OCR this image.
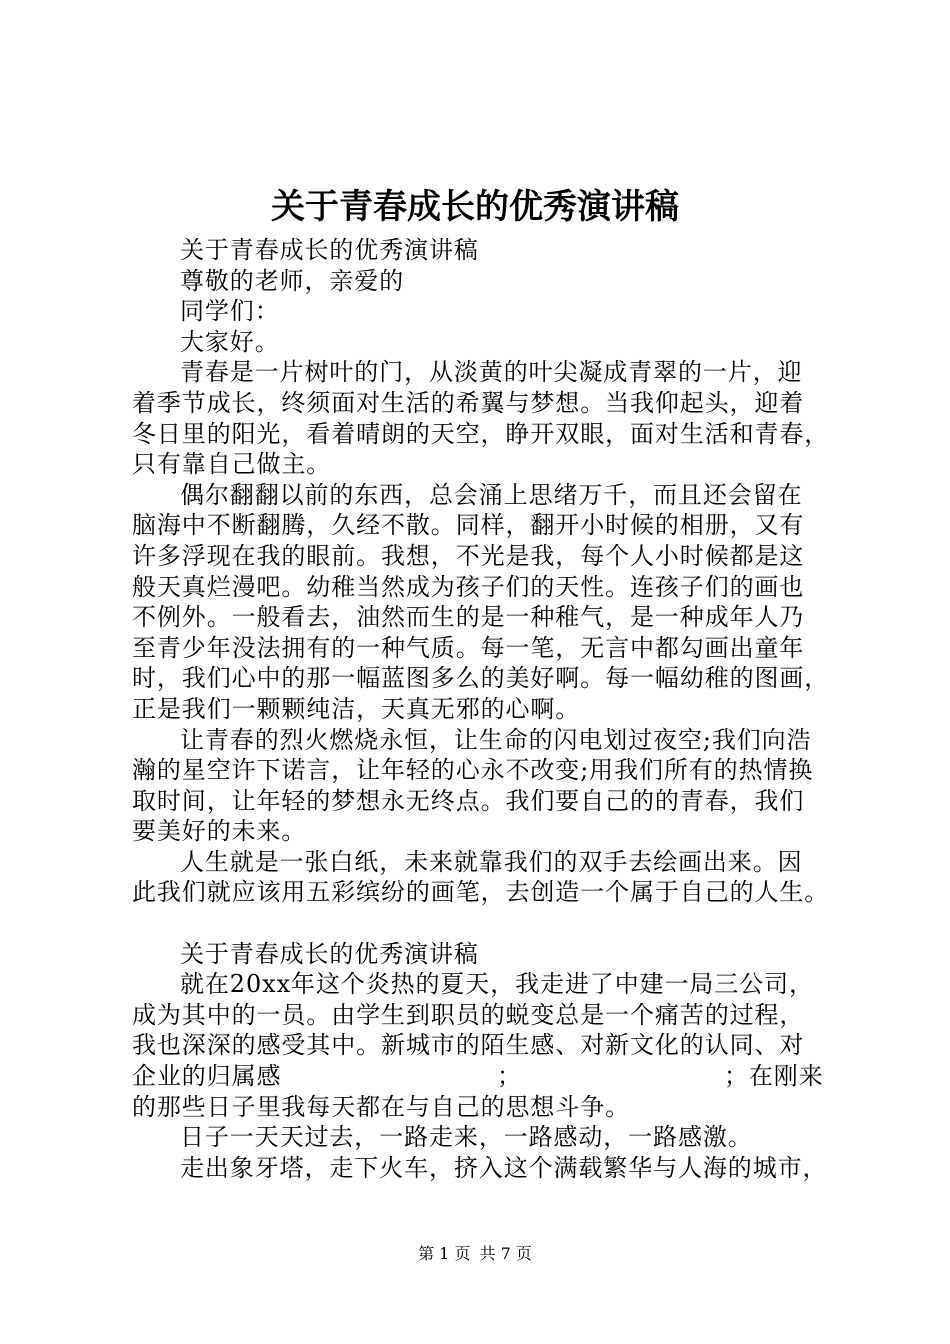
关于青春成长的优秀演讲稿
关于青春成长的优秀演讲稿
尊敬的老师，亲爱的
同学们：
大家好。
青春是一片树叶的门，从淡黄的叶尖凝成青翠的一片，迎
着季节成长，终须面对生活的希翼与梦想。当我仰起头，迎着
冬日里的阳光，看着晴朗的天空，睁开双眼，面对生活和青春，
只有靠自己做主。
偶尔翻翻以前的东西，总会涌上思绪万千，而且还会留在
脑海中不断翻腾，久经不散。同样，翻开小时候的相册，又有
许多浮现在我的眼前。我想，不光是我，每个人小时候都是这
般天真烂漫吧。幼稚当然成为孩子们的天性。连孩子们的画也
不例外。一般看去，油然而生的是一种稚气，是一种成年人乃
至青少年没法拥有的一种气质。每一笔，无言中都勾画出童年
时，我们心中的那一幅蓝图多么的美好啊。每一幅幼稚的图画，
正是我们一颗颗纯洁，天真无邪的心啊。
让青春的烈火燃烧永恒，让生命的闪电划过夜空;我们向浩
瀚的星空许下诺言，让年轻的心永不改变;用我们所有的热情换
取时间，让年轻的梦想永无终点。我们要自己的的青春，我们
要美好的未来。
人生就是一张白纸，未来就靠我们的双手去绘画出来。因
此我们就应该用五彩缤纷的画笔，去创造一个属于自己的人生。
关于青春成长的优秀演讲稿
就在20xx年这个炎热的夏天，我走进了中建一局三公司，
成为其中的一员。由学生到职员的蜕变总是一个痛苦的过程，
我也深深的感受其中。新城市的陌生感、对新文化的认同、对
企业的归属感	；	；在刚来
的那些日子里我每天都在与自己的思想斗争。
日子一天天过去，一路走来，一路感动，一路感激。
走出象牙塔，走下火车，挤入这个满载繁华与人海的城市，
第 1 页 共 7 页
